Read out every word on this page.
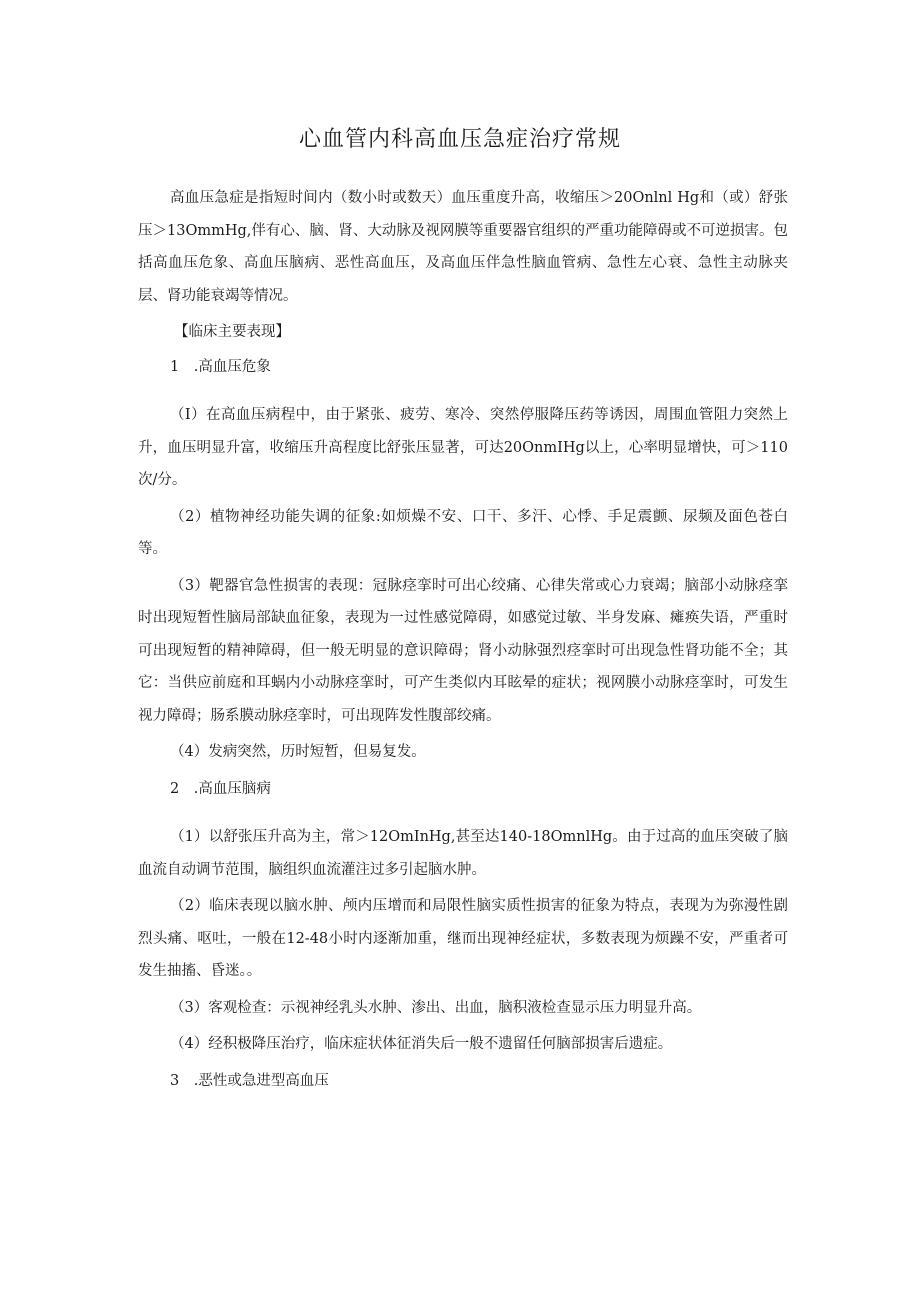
心血管内科高血压急症治疗常规

高血压急症是指短时间内（数小时或数天）血压重度升高，收缩压＞20Onlnl Hg和（或）舒张压＞13OmmHg,伴有心、脑、肾、大动脉及视网膜等重要器官组织的严重功能障碍或不可逆损害。包括高血压危象、高血压脑病、恶性高血压，及高血压伴急性脑血管病、急性左心衰、急性主动脉夹层、肾功能衰竭等情况。

【临床主要表现】

1　.高血压危象

（I）在高血压病程中，由于紧张、疲劳、寒冷、突然停服降压药等诱因，周围血管阻力突然上升，血压明显升富，收缩压升高程度比舒张压显著，可达20OnmIHg以上，心率明显增快，可＞110次/分。

（2）植物神经功能失调的征象:如烦燥不安、口干、多汗、心悸、手足震颤、尿频及面色苍白等。

（3）靶器官急性损害的表现：冠脉痉挛时可出心绞痛、心律失常或心力衰竭；脑部小动脉痉挛时出现短暂性脑局部缺血征象，表现为一过性感觉障碍，如感觉过敏、半身发麻、瘫痪失语，严重时可出现短暂的精神障碍，但一般无明显的意识障碍；肾小动脉强烈痉挛时可出现急性肾功能不全；其它：当供应前庭和耳蜗内小动脉痉挛时，可产生类似内耳眩晕的症状；视网膜小动脉痉挛时，可发生视力障碍；肠系膜动脉痉挛时，可出现阵发性腹部绞痛。

（4）发病突然，历时短暂，但易复发。

2　.高血压脑病

（1）以舒张压升高为主，常＞12OmInHg,甚至达140-18OmnlHg。由于过高的血压突破了脑血流自动调节范围，脑组织血流灌注过多引起脑水肿。

（2）临床表现以脑水肿、颅内压增而和局限性脑实质性损害的征象为特点，表现为为弥漫性剧烈头痛、呕吐，一般在12-48小时内逐渐加重，继而出现神经症状，多数表现为烦躁不安，严重者可发生抽搐、昏迷。。

（3）客观检查：示视神经乳头水肿、渗出、出血，脑积液检查显示压力明显升高。

（4）经积极降压治疗，临床症状体征消失后一般不遗留任何脑部损害后遗症。

3　.恶性或急进型高血压
